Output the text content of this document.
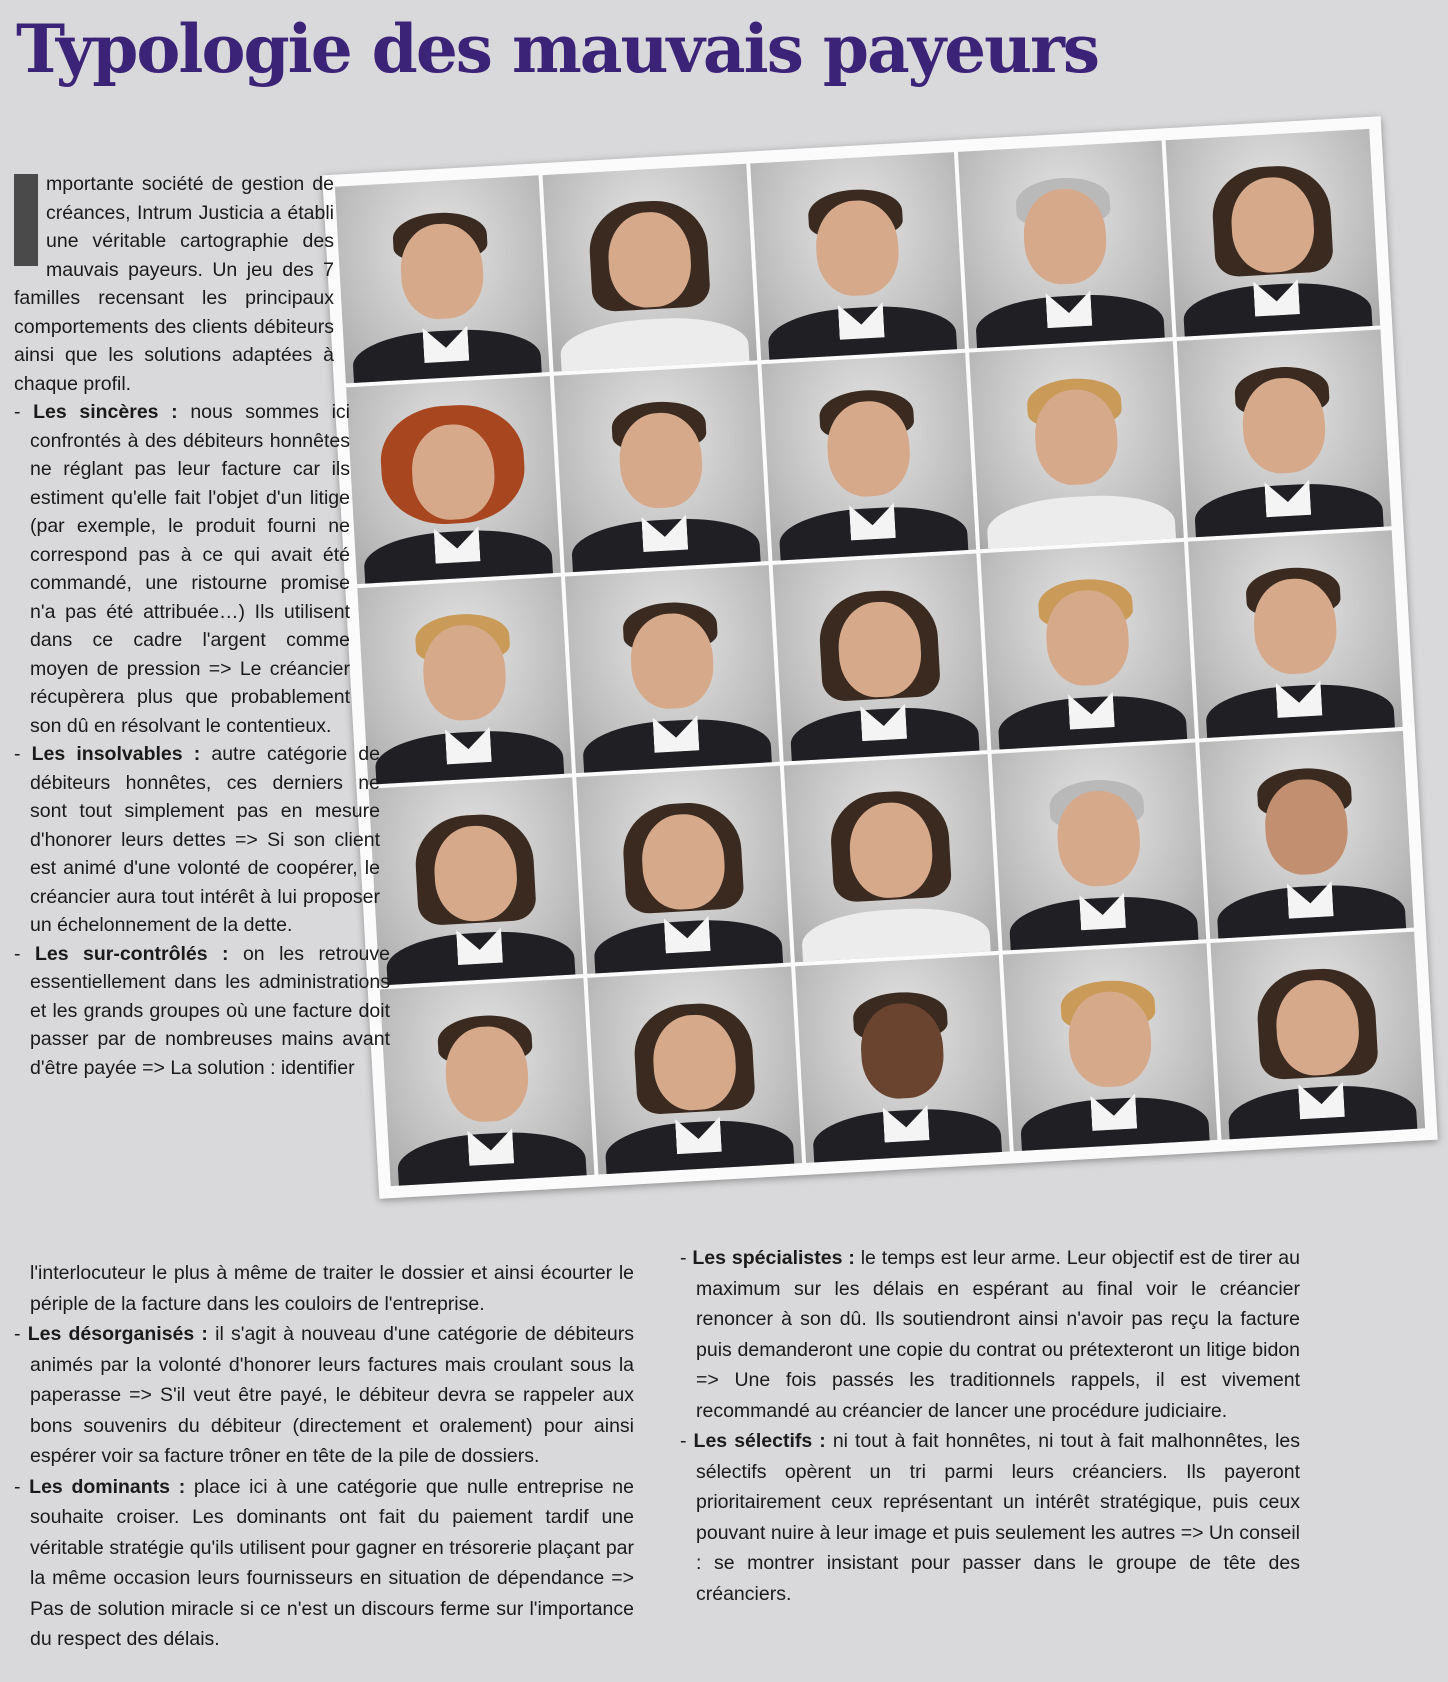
Typologie des mauvais payeurs

mportante société de gestion de créances, Intrum Justicia a établi une véritable cartographie des mauvais payeurs. Un jeu des 7 familles recensant les principaux comportements des clients débiteurs ainsi que les solutions adaptées à chaque profil.

- Les sincères : nous sommes ici confrontés à des débiteurs honnêtes ne réglant pas leur facture car ils estiment qu'elle fait l'objet d'un litige (par exemple, le produit fourni ne correspond pas à ce qui avait été commandé, une ristourne promise n'a pas été attribuée…) Ils utilisent dans ce cadre l'argent comme moyen de pression => Le créancier récupèrera plus que probablement son dû en résolvant le contentieux.

- Les insolvables : autre catégorie de débiteurs honnêtes, ces derniers ne sont tout simplement pas en mesure d'honorer leurs dettes => Si son client est animé d'une volonté de coopérer, le créancier aura tout intérêt à lui proposer un échelonnement de la dette.

- Les sur-contrôlés : on les retrouve essentiellement dans les administrations et les grands groupes où une facture doit passer par de nombreuses mains avant d'être payée => La solution : identifier

l'interlocuteur le plus à même de traiter le dossier et ainsi écourter le périple de la facture dans les couloirs de l'entreprise.

- Les désorganisés : il s'agit à nouveau d'une catégorie de débiteurs animés par la volonté d'honorer leurs factures mais croulant sous la paperasse => S'il veut être payé, le débiteur devra se rappeler aux bons souvenirs du débiteur (directement et oralement) pour ainsi espérer voir sa facture trôner en tête de la pile de dossiers.

- Les dominants : place ici à une catégorie que nulle entreprise ne souhaite croiser. Les dominants ont fait du paiement tardif une véritable stratégie qu'ils utilisent pour gagner en trésorerie plaçant par la même occasion leurs fournisseurs en situation de dépendance => Pas de solution miracle si ce n'est un discours ferme sur l'importance du respect des délais.

- Les spécialistes : le temps est leur arme. Leur objectif est de tirer au maximum sur les délais en espérant au final voir le créancier renoncer à son dû. Ils soutiendront ainsi n'avoir pas reçu la facture puis demanderont une copie du contrat ou prétexteront un litige bidon => Une fois passés les traditionnels rappels, il est vivement recommandé au créancier de lancer une procédure judiciaire.

- Les sélectifs : ni tout à fait honnêtes, ni tout à fait malhonnêtes, les sélectifs opèrent un tri parmi leurs créanciers. Ils payeront prioritairement ceux représentant un intérêt stratégique, puis ceux pouvant nuire à leur image et puis seulement les autres => Un conseil : se montrer insistant pour passer dans le groupe de tête des créanciers.
